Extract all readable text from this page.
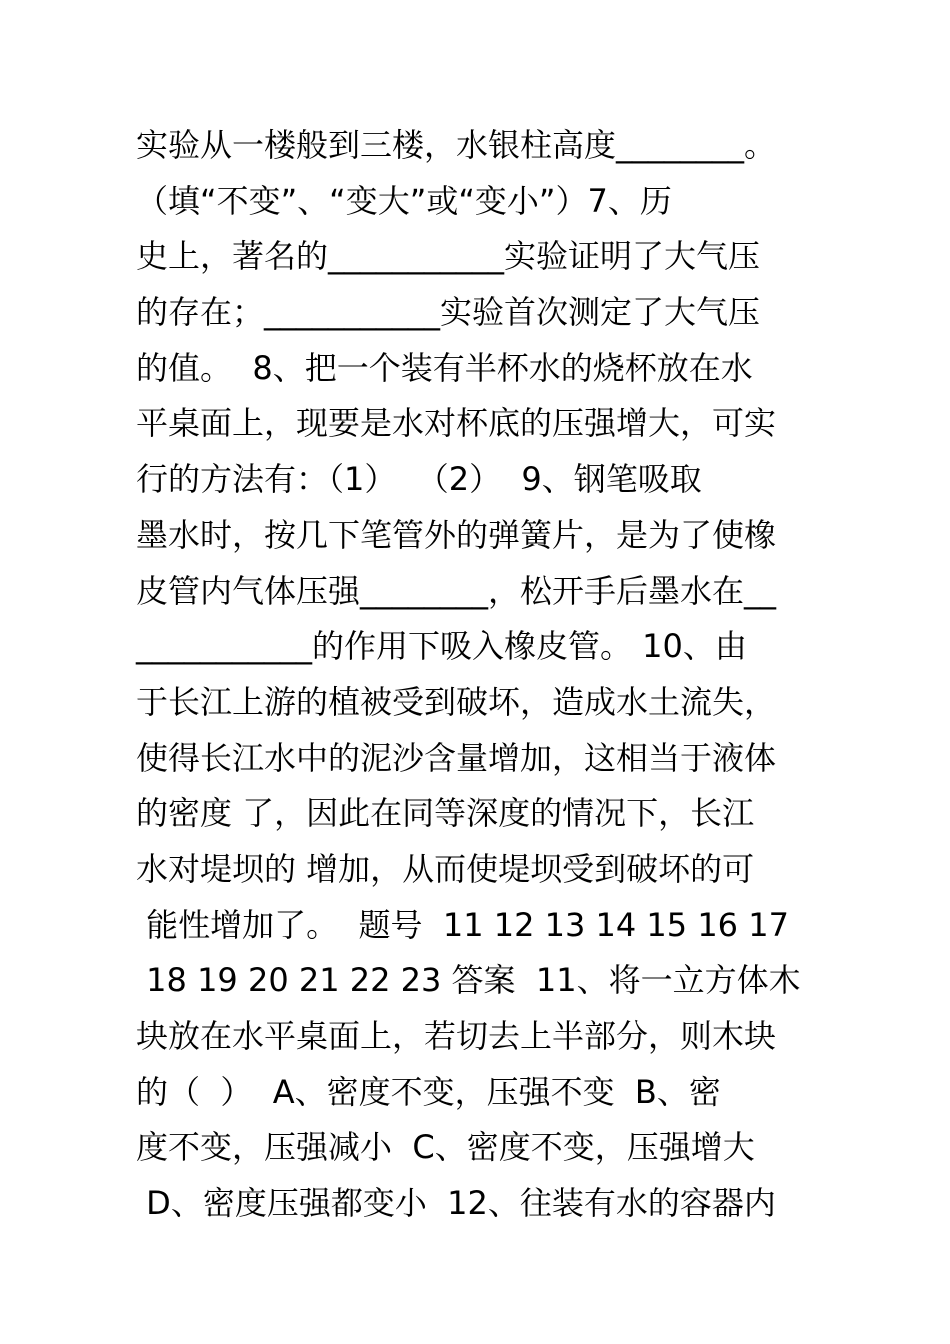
实验从一楼般到三楼，水银柱高度________。
（填“不变”、“变大”或“变小”）7、历
史上，著名的___________实验证明了大气压
的存在；___________实验首次测定了大气压
的值。  8、把一个装有半杯水的烧杯放在水
平桌面上，现要是水对杯底的压强增大，可实
行的方法有：（1）  （2）  9、钢笔吸取
墨水时，按几下笔管外的弹簧片，是为了使橡
皮管内气体压强________，松开手后墨水在__
___________的作用下吸入橡皮管。 10、由
于长江上游的植被受到破坏，造成水土流失，
使得长江水中的泥沙含量增加，这相当于液体
的密度 了，因此在同等深度的情况下，长江
水对堤坝的 增加，从而使堤坝受到破坏的可
能性增加了。  题号  11 12 13 14 15 16 17
18 19 20 21 22 23 答案  11、将一立方体木
块放在水平桌面上，若切去上半部分，则木块
的（  ）  A、密度不变，压强不变  B、密
度不变，压强减小  C、密度不变，压强增大
D、密度压强都变小  12、往装有水的容器内
